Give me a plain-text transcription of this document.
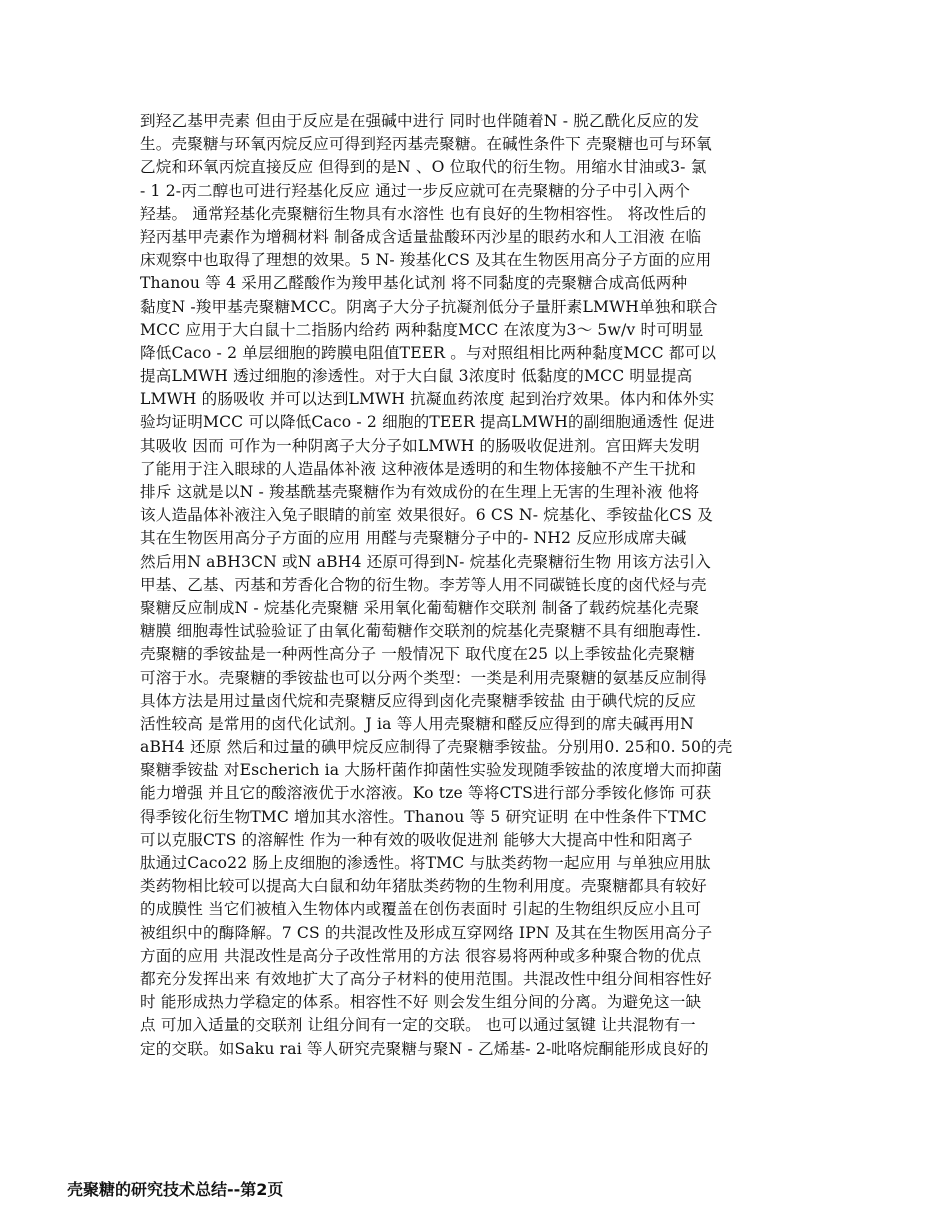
到羟乙基甲壳素 但由于反应是在强碱中进行 同时也伴随着N - 脱乙酰化反应的发
生。壳聚糖与环氧丙烷反应可得到羟丙基壳聚糖。在碱性条件下 壳聚糖也可与环氧
乙烷和环氧丙烷直接反应 但得到的是N 、O 位取代的衍生物。用缩水甘油或3- 氯
- 1 2-丙二醇也可进行羟基化反应 通过一步反应就可在壳聚糖的分子中引入两个
羟基。 通常羟基化壳聚糖衍生物具有水溶性 也有良好的生物相容性。 将改性后的
羟丙基甲壳素作为增稠材料 制备成含适量盐酸环丙沙星的眼药水和人工泪液 在临
床观察中也取得了理想的效果。5 N- 羧基化CS 及其在生物医用高分子方面的应用
Thanou 等 4 采用乙醛酸作为羧甲基化试剂 将不同黏度的壳聚糖合成高低两种
黏度N -羧甲基壳聚糖MCC。阴离子大分子抗凝剂低分子量肝素LMWH单独和联合
MCC 应用于大白鼠十二指肠内给药 两种黏度MCC 在浓度为3～ 5w/v 时可明显
降低Caco - 2 单层细胞的跨膜电阻值TEER 。与对照组相比两种黏度MCC 都可以
提高LMWH 透过细胞的渗透性。对于大白鼠 3浓度时 低黏度的MCC 明显提高
LMWH 的肠吸收 并可以达到LMWH 抗凝血药浓度 起到治疗效果。体内和体外实
验均证明MCC 可以降低Caco - 2 细胞的TEER 提高LMWH的副细胞通透性 促进
其吸收 因而 可作为一种阴离子大分子如LMWH 的肠吸收促进剂。宫田辉夫发明
了能用于注入眼球的人造晶体补液 这种液体是透明的和生物体接触不产生干扰和
排斥 这就是以N - 羧基酰基壳聚糖作为有效成份的在生理上无害的生理补液 他将
该人造晶体补液注入兔子眼睛的前室 效果很好。6 CS N- 烷基化、季铵盐化CS 及
其在生物医用高分子方面的应用 用醛与壳聚糖分子中的- NH2 反应形成席夫碱
然后用N aBH3CN 或N aBH4 还原可得到N- 烷基化壳聚糖衍生物 用该方法引入
甲基、乙基、丙基和芳香化合物的衍生物。李芳等人用不同碳链长度的卤代烃与壳
聚糖反应制成N - 烷基化壳聚糖 采用氧化葡萄糖作交联剂 制备了载药烷基化壳聚
糖膜 细胞毒性试验验证了由氧化葡萄糖作交联剂的烷基化壳聚糖不具有细胞毒性.
壳聚糖的季铵盐是一种两性高分子 一般情况下 取代度在25 以上季铵盐化壳聚糖
可溶于水。壳聚糖的季铵盐也可以分两个类型：一类是利用壳聚糖的氨基反应制得
具体方法是用过量卤代烷和壳聚糖反应得到卤化壳聚糖季铵盐 由于碘代烷的反应
活性较高 是常用的卤代化试剂。J ia 等人用壳聚糖和醛反应得到的席夫碱再用N
aBH4 还原 然后和过量的碘甲烷反应制得了壳聚糖季铵盐。分别用0. 25和0. 50的壳
聚糖季铵盐 对Escherich ia 大肠杆菌作抑菌性实验发现随季铵盐的浓度增大而抑菌
能力增强 并且它的酸溶液优于水溶液。Ko tze 等将CTS进行部分季铵化修饰 可获
得季铵化衍生物TMC 增加其水溶性。Thanou 等 5 研究证明 在中性条件下TMC
可以克服CTS 的溶解性 作为一种有效的吸收促进剂 能够大大提高中性和阳离子
肽通过Caco22 肠上皮细胞的渗透性。将TMC 与肽类药物一起应用 与单独应用肽
类药物相比较可以提高大白鼠和幼年猪肽类药物的生物利用度。壳聚糖都具有较好
的成膜性 当它们被植入生物体内或覆盖在创伤表面时 引起的生物组织反应小且可
被组织中的酶降解。7 CS 的共混改性及形成互穿网络 IPN 及其在生物医用高分子
方面的应用 共混改性是高分子改性常用的方法 很容易将两种或多种聚合物的优点
都充分发挥出来 有效地扩大了高分子材料的使用范围。共混改性中组分间相容性好
时 能形成热力学稳定的体系。相容性不好 则会发生组分间的分离。为避免这一缺
点 可加入适量的交联剂 让组分间有一定的交联。 也可以通过氢键 让共混物有一
定的交联。如Saku rai 等人研究壳聚糖与聚N - 乙烯基- 2-吡咯烷酮能形成良好的
壳聚糖的研究技术总结--第2页
